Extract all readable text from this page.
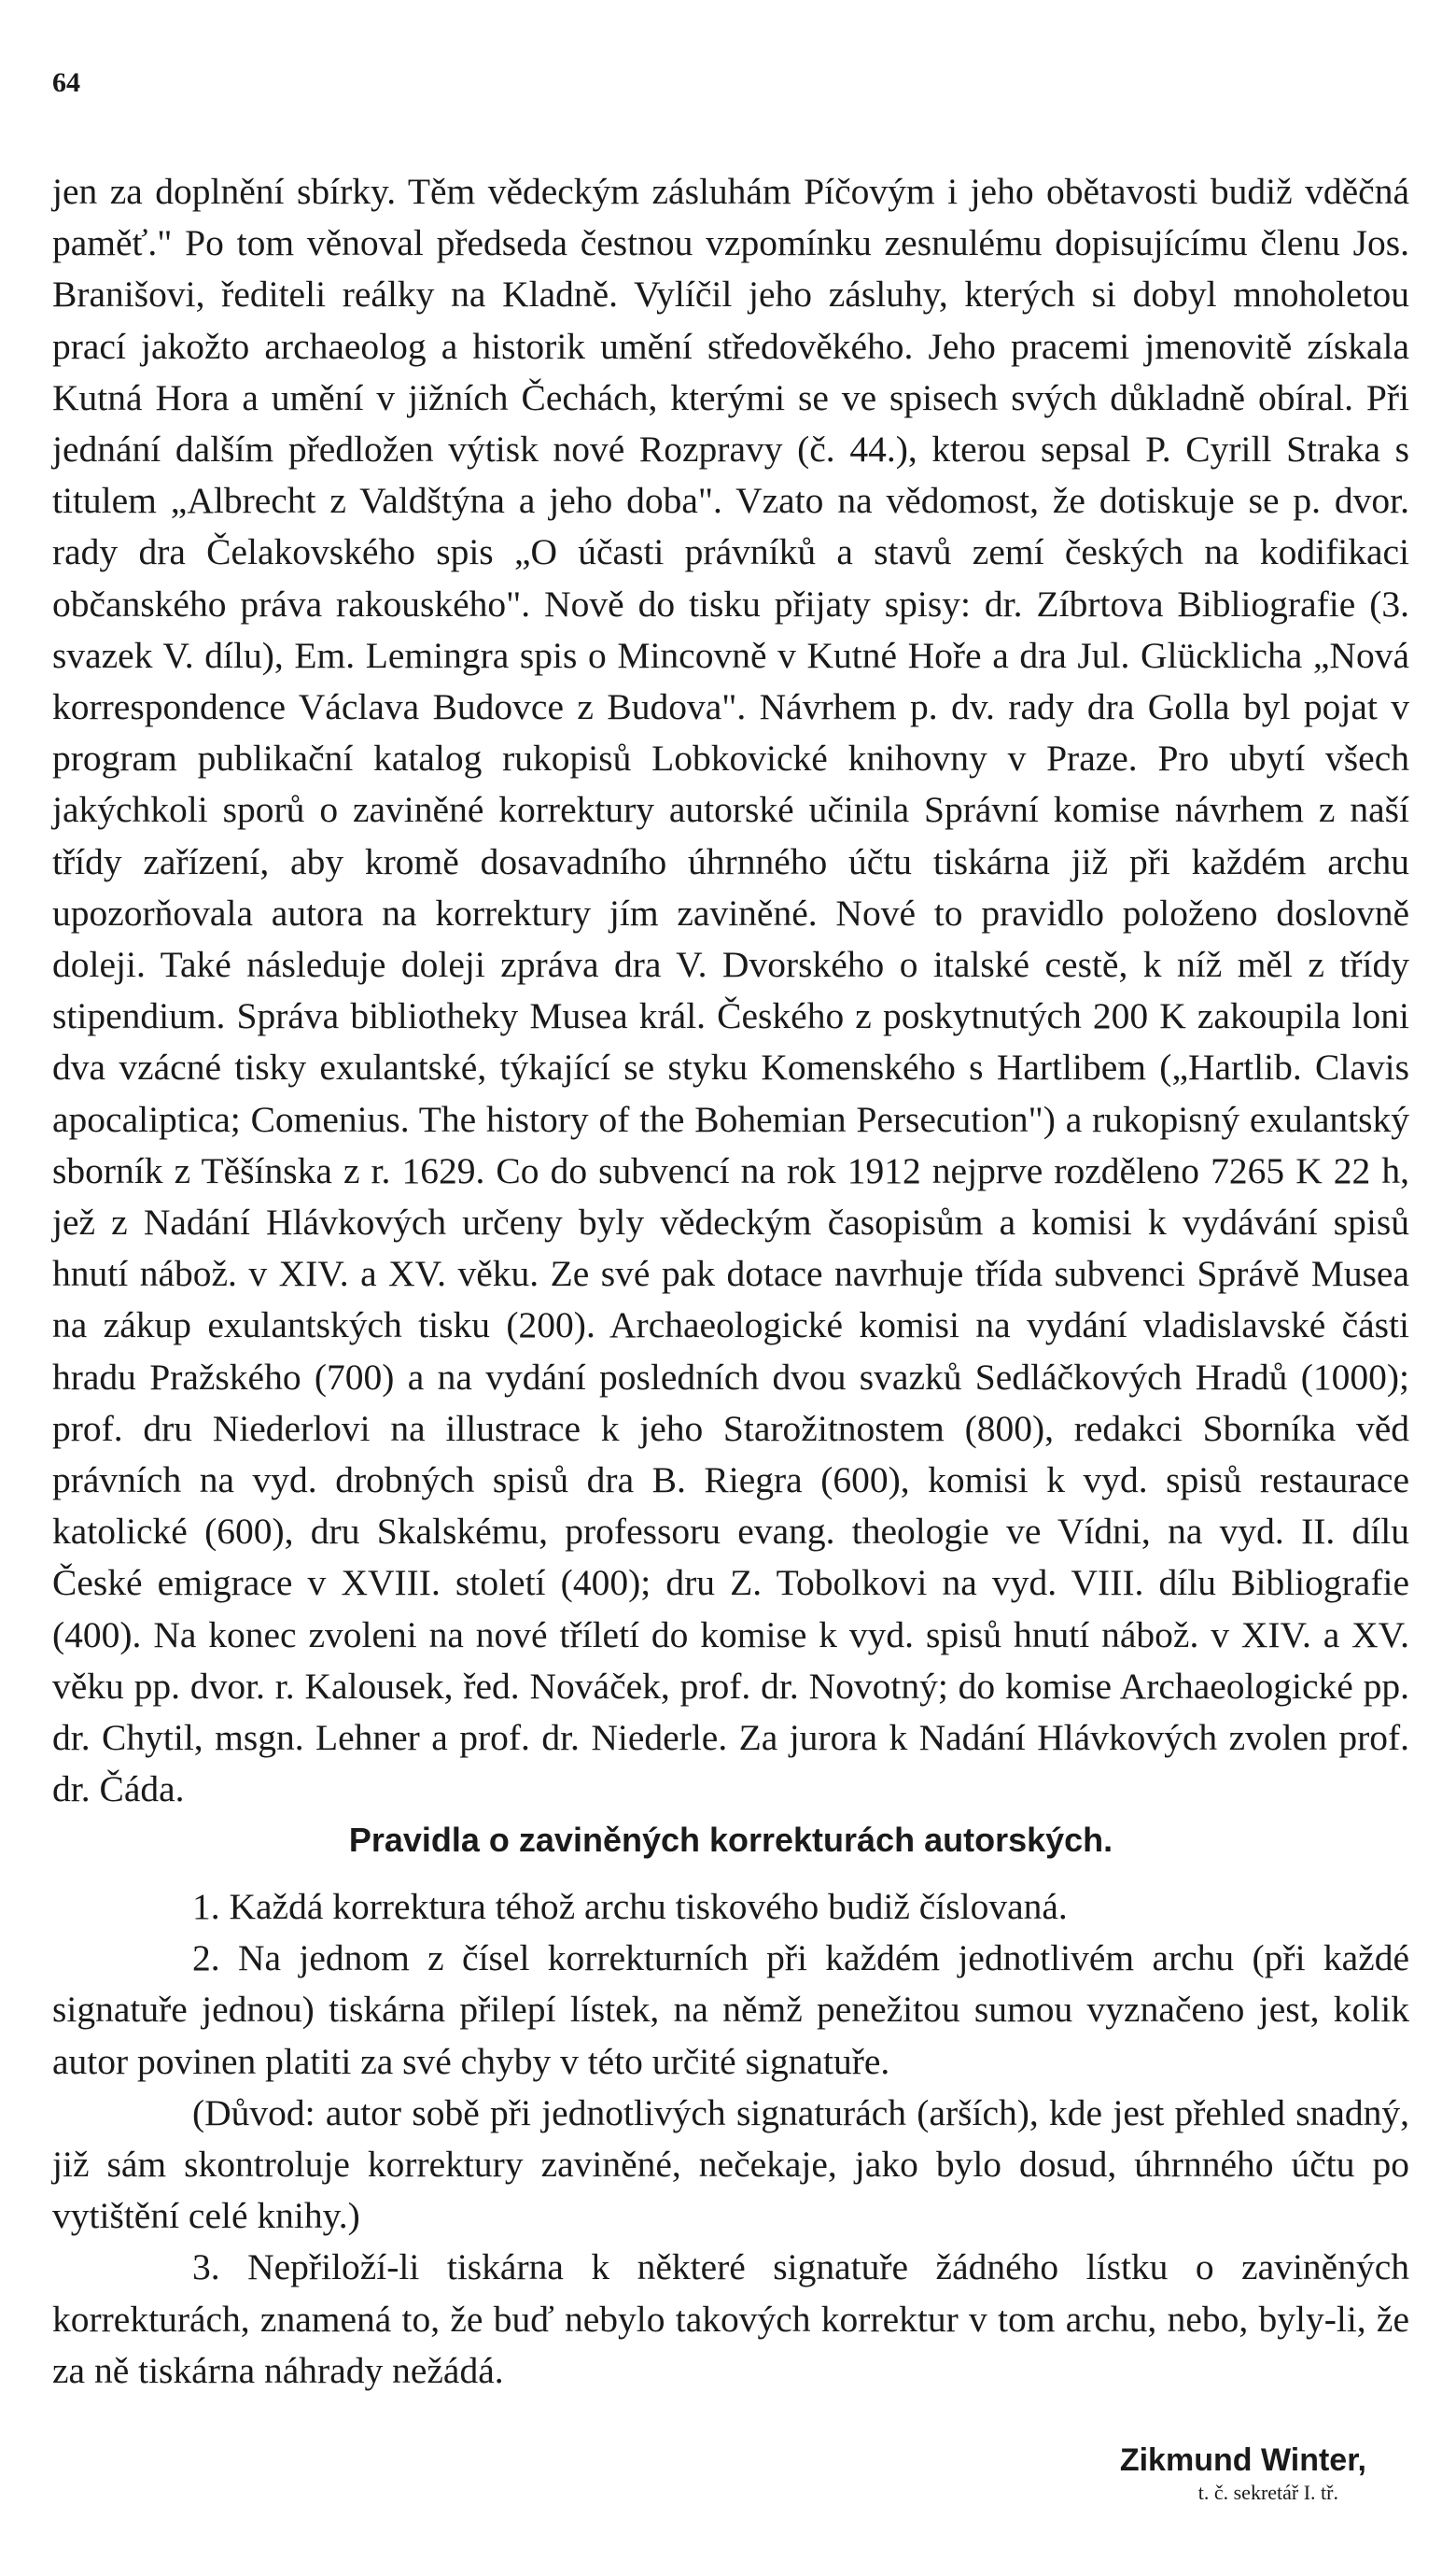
64

jen za doplnění sbírky. Těm vědeckým zásluhám Píčovým i jeho obětavosti budiž vděčná paměť." Po tom věnoval předseda čestnou vzpomínku zesnulému dopisujícímu členu Jos. Branišovi, řediteli reálky na Kladně. Vylíčil jeho zásluhy, kterých si dobyl mnoholetou prací jakožto archaeolog a historik umění středověkého. Jeho pracemi jmenovitě získala Kutná Hora a umění v jižních Čechách, kterými se ve spisech svých důkladně obíral. Při jednání dalším předložen výtisk nové Rozpravy (č. 44.), kterou sepsal P. Cyrill Straka s titulem „Albrecht z Valdštýna a jeho doba". Vzato na vědomost, že dotiskuje se p. dvor. rady dra Čelakovského spis „O účasti právníků a stavů zemí českých na kodifikaci občanského práva rakouského". Nově do tisku přijaty spisy: dr. Zíbrtova Bibliografie (3. svazek V. dílu), Em. Lemingra spis o Mincovně v Kutné Hoře a dra Jul. Glücklicha „Nová korrespondence Václava Budovce z Budova". Návrhem p. dv. rady dra Golla byl pojat v program publikační katalog rukopisů Lobkovické knihovny v Praze. Pro ubytí všech jakýchkoli sporů o zaviněné korrektury autorské učinila Správní komise návrhem z naší třídy zařízení, aby kromě dosavadního úhrnného účtu tiskárna již při každém archu upozorňovala autora na korrektury jím zaviněné. Nové to pravidlo položeno doslovně doleji. Také následuje doleji zpráva dra V. Dvorského o italské cestě, k níž měl z třídy stipendium. Správa bibliotheky Musea král. Českého z poskytnutých 200 K zakoupila loni dva vzácné tisky exulantské, týkající se styku Komenského s Hartlibem („Hartlib. Clavis apocaliptica; Comenius. The history of the Bohemian Persecution") a rukopisný exulantský sborník z Těšínska z r. 1629. Co do subvencí na rok 1912 nejprve rozděleno 7265 K 22 h, jež z Nadání Hlávkových určeny byly vědeckým časopisům a komisi k vydávání spisů hnutí nábož. v XIV. a XV. věku. Ze své pak dotace navrhuje třída subvenci Správě Musea na zákup exulantských tisku (200). Archaeologické komisi na vydání vladislavské části hradu Pražského (700) a na vydání posledních dvou svazků Sedláčkových Hradů (1000); prof. dru Niederlovi na illustrace k jeho Starožitnostem (800), redakci Sborníka věd právních na vyd. drobných spisů dra B. Riegra (600), komisi k vyd. spisů restaurace katolické (600), dru Skalskému, professoru evang. theologie ve Vídni, na vyd. II. dílu České emigrace v XVIII. století (400); dru Z. Tobolkovi na vyd. VIII. dílu Bibliografie (400). Na konec zvoleni na nové tříletí do komise k vyd. spisů hnutí nábož. v XIV. a XV. věku pp. dvor. r. Kalousek, řed. Nováček, prof. dr. Novotný; do komise Archaeologické pp. dr. Chytil, msgn. Lehner a prof. dr. Niederle. Za jurora k Nadání Hlávkových zvolen prof. dr. Čáda.

Pravidla o zaviněných korrekturách autorských.

1. Každá korrektura téhož archu tiskového budiž číslovaná.

2. Na jednom z čísel korrekturních při každém jednotlivém archu (při každé signatuře jednou) tiskárna přilepí lístek, na němž penežitou sumou vyznačeno jest, kolik autor povinen platiti za své chyby v této určité signatuře.

(Důvod: autor sobě při jednotlivých signaturách (arších), kde jest přehled snadný, již sám skontroluje korrektury zaviněné, nečekaje, jako bylo dosud, úhrnného účtu po vytištění celé knihy.)

3. Nepřiloží-li tiskárna k některé signatuře žádného lístku o zaviněných korrekturách, znamená to, že buď nebylo takových korrektur v tom archu, nebo, byly-li, že za ně tiskárna náhrady nežádá.

Zikmund Winter,

t. č. sekretář I. tř.
